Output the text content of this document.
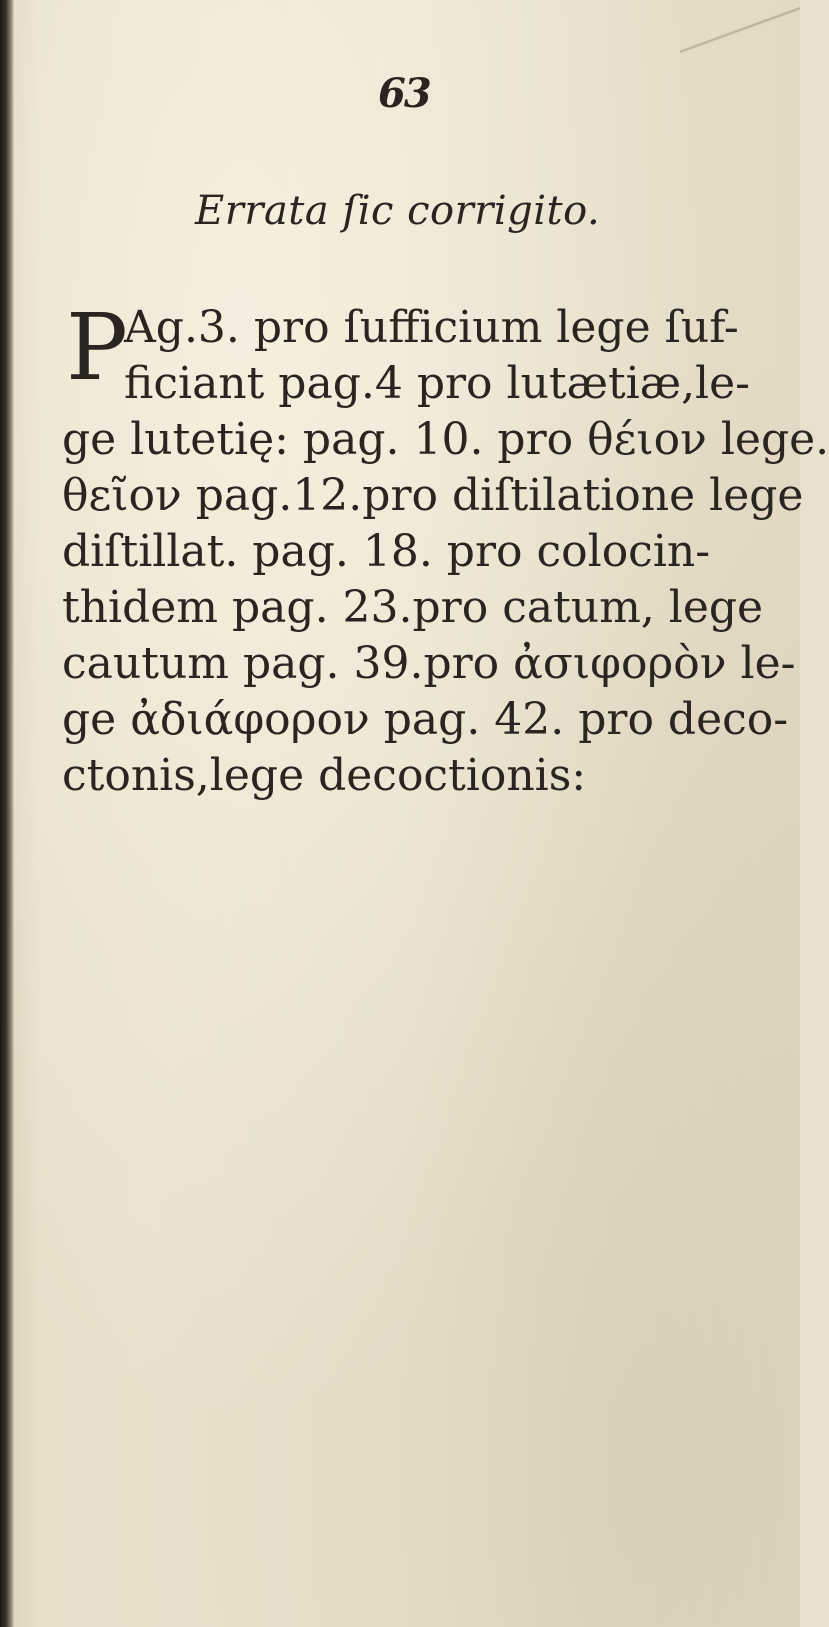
63
Errata ſic corrigito.
P
Ag.3. pro ſufficium lege ſuf-
ficiant pag.4 pro lutætiæ,le-
ge lutetię: pag. 10. pro θέιον lege.
θεῖον pag.12.pro diſtilatione lege
diſtillat. pag. 18. pro colocin-
thidem pag. 23.pro catum, lege
cautum pag. 39.pro ἀσιφορὸν le-
ge ἀδιάφορον pag. 42. pro deco-
ctonis,lege decoctionis:
